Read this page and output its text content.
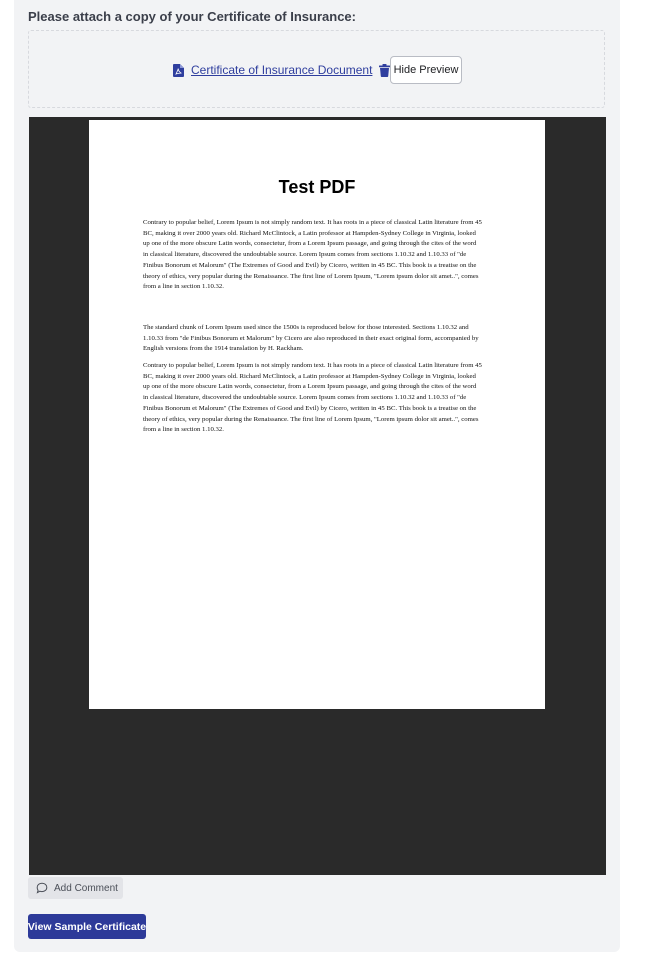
Please attach a copy of your Certificate of Insurance:
Certificate of Insurance Document	Hide Preview
Test PDF
Contrary to popular belief, Lorem Ipsum is not simply random text. It has roots in a piece of classical Latin literature from 45 BC, making it over 2000 years old. Richard McClintock, a Latin professor at Hampden-Sydney College in Virginia, looked up one of the more obscure Latin words, consectetur, from a Lorem Ipsum passage, and going through the cites of the word in classical literature, discovered the undoubtable source. Lorem Ipsum comes from sections 1.10.32 and 1.10.33 of "de Finibus Bonorum et Malorum" (The Extremes of Good and Evil) by Cicero, written in 45 BC. This book is a treatise on the theory of ethics, very popular during the Renaissance. The first line of Lorem Ipsum, "Lorem ipsum dolor sit amet..", comes from a line in section 1.10.32.
The standard chunk of Lorem Ipsum used since the 1500s is reproduced below for those interested. Sections 1.10.32 and 1.10.33 from "de Finibus Bonorum et Malorum" by Cicero are also reproduced in their exact original form, accompanied by English versions from the 1914 translation by H. Rackham.
Contrary to popular belief, Lorem Ipsum is not simply random text. It has roots in a piece of classical Latin literature from 45 BC, making it over 2000 years old. Richard McClintock, a Latin professor at Hampden-Sydney College in Virginia, looked up one of the more obscure Latin words, consectetur, from a Lorem Ipsum passage, and going through the cites of the word in classical literature, discovered the undoubtable source. Lorem Ipsum comes from sections 1.10.32 and 1.10.33 of "de Finibus Bonorum et Malorum" (The Extremes of Good and Evil) by Cicero, written in 45 BC. This book is a treatise on the theory of ethics, very popular during the Renaissance. The first line of Lorem Ipsum, "Lorem ipsum dolor sit amet..", comes from a line in section 1.10.32.
Add Comment
View Sample Certificate
